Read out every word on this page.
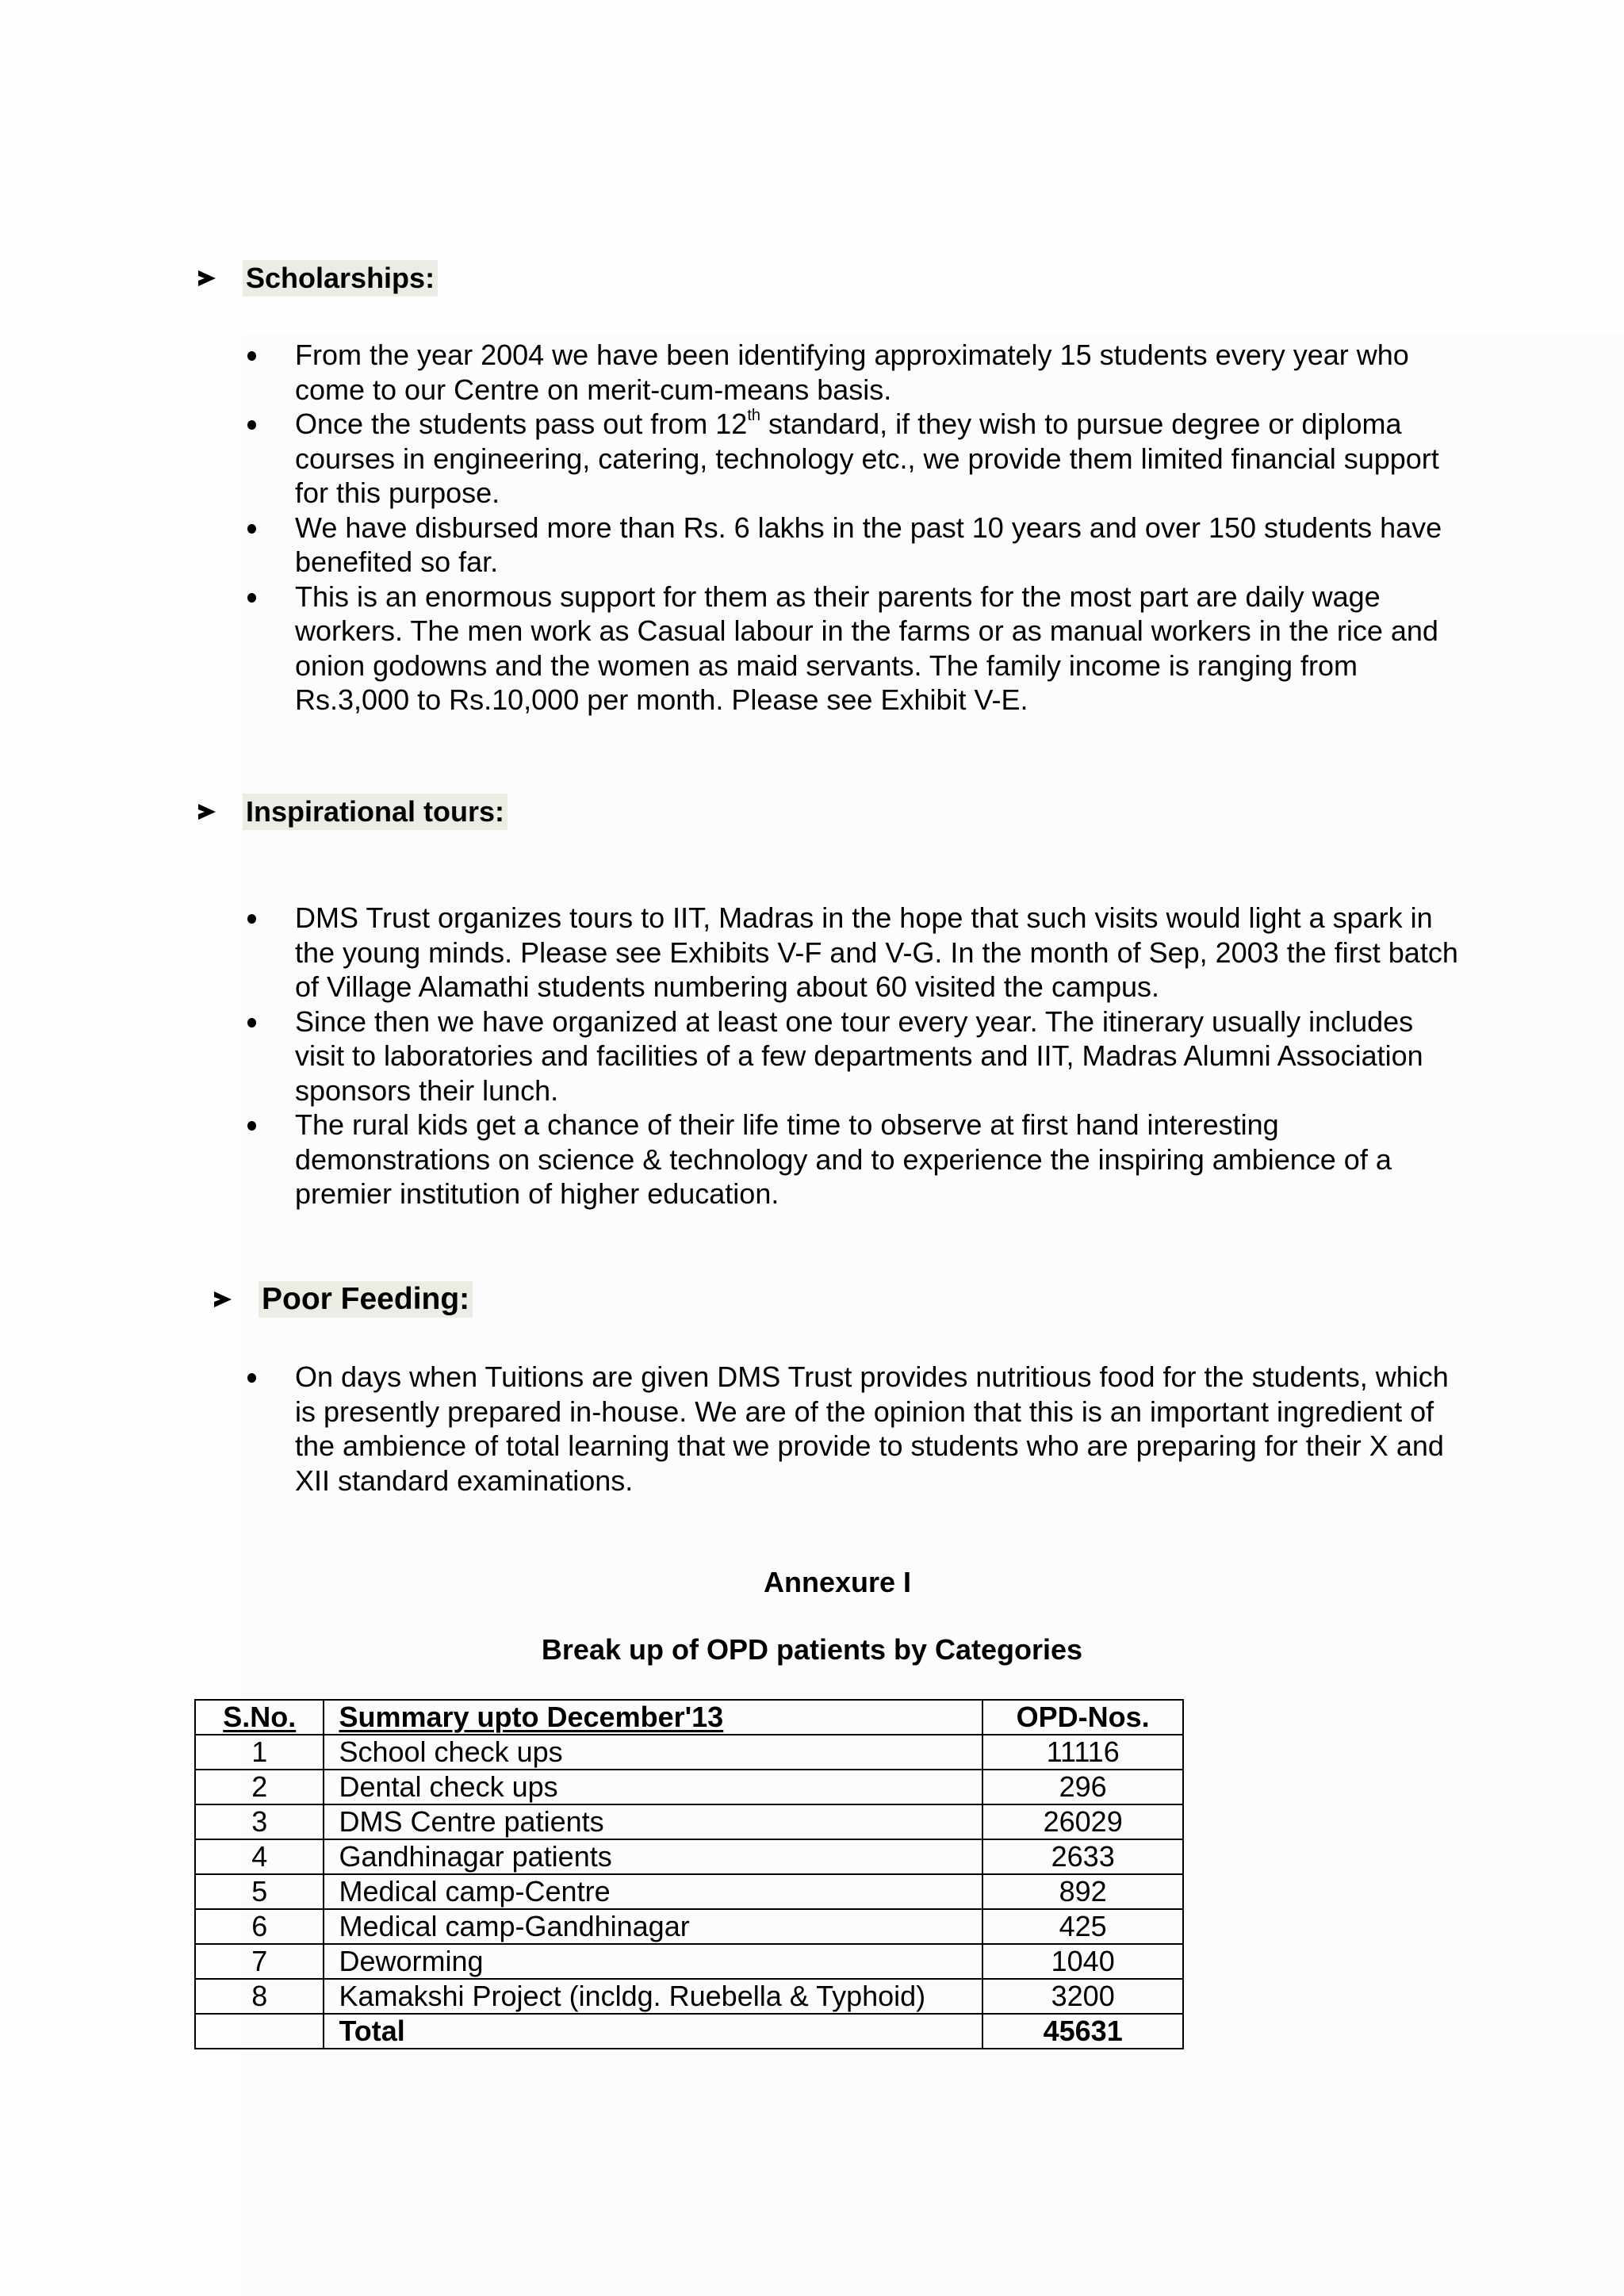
Scholarships:
From the year 2004 we have been identifying approximately 15 students every year who come to our Centre on merit-cum-means basis.
Once the students pass out from 12th standard, if they wish to pursue degree or diploma courses in engineering, catering, technology etc., we provide them limited financial support for this purpose.
We have disbursed more than Rs. 6 lakhs in the past 10 years and over 150 students have benefited so far.
This is an enormous support for them as their parents for the most part are daily wage workers. The men work as Casual labour in the farms or as manual workers in the rice and onion godowns and the women as maid servants. The family income is ranging from Rs.3,000 to Rs.10,000 per month. Please see Exhibit V-E.
Inspirational tours:
DMS Trust organizes tours to IIT, Madras in the hope that such visits would light a spark in the young minds. Please see Exhibits V-F and V-G. In the month of Sep, 2003 the first batch of Village Alamathi students numbering about 60 visited the campus.
Since then we have organized at least one tour every year. The itinerary usually includes visit to laboratories and facilities of a few departments and IIT, Madras Alumni Association sponsors their lunch.
The rural kids get a chance of their life time to observe at first hand interesting demonstrations on science & technology and to experience the inspiring ambience of a premier institution of higher education.
Poor Feeding:
On days when Tuitions are given DMS Trust provides nutritious food for the students, which is presently prepared in-house. We are of the opinion that this is an important ingredient of the ambience of total learning that we provide to students who are preparing for their X and XII standard examinations.
Annexure I
Break up of OPD patients by Categories
S.No.	Summary upto December'13	OPD-Nos.
1	School check ups	11116
2	Dental check ups	296
3	DMS Centre patients	26029
4	Gandhinagar patients	2633
5	Medical camp-Centre	892
6	Medical camp-Gandhinagar	425
7	Deworming	1040
8	Kamakshi Project (incldg. Ruebella & Typhoid)	3200
	Total	45631
